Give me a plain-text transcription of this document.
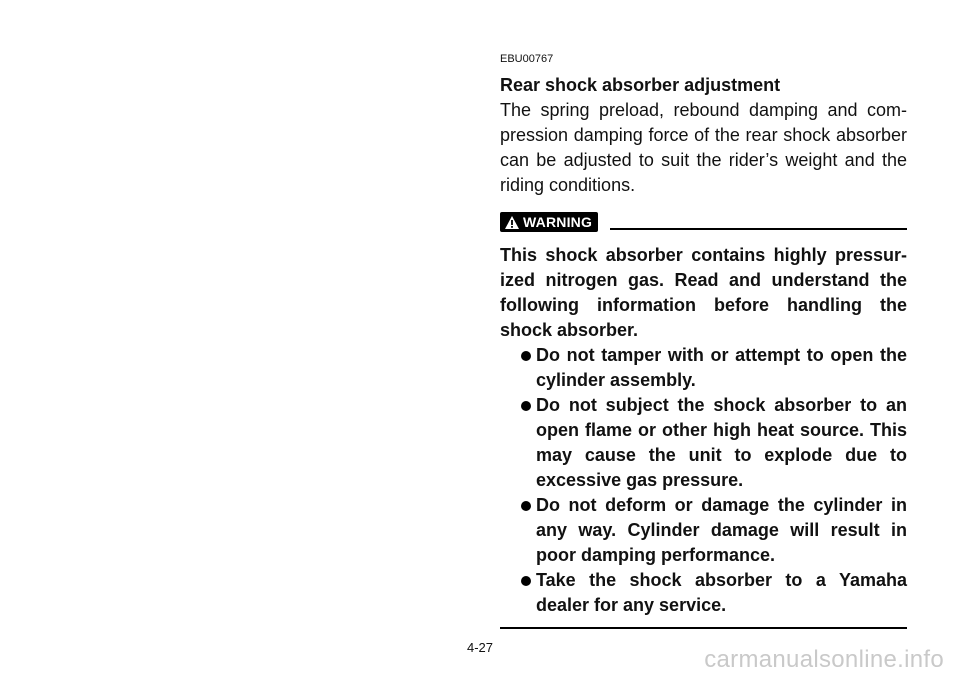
EBU00767
Rear shock absorber adjustment

The spring preload, rebound damping and com-pression damping force of the rear shock absorber can be adjusted to suit the rider’s weight and the riding conditions.

WARNING

This shock absorber contains highly pressur-ized nitrogen gas. Read and understand the following information before handling the shock absorber.

Do not tamper with or attempt to open the cylinder assembly.
Do not subject the shock absorber to an open flame or other high heat source. This may cause the unit to explode due to excessive gas pressure.
Do not deform or damage the cylinder in any way. Cylinder damage will result in poor damping performance.
Take the shock absorber to a Yamaha dealer for any service.
4-27	carmanualsonline.info
